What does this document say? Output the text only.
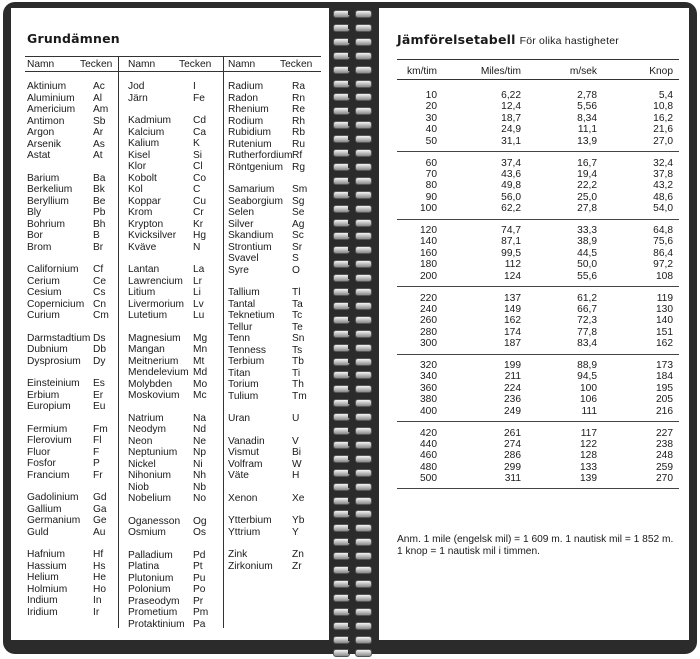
Grundämnen
Namn	Tecken Namn Tecken Namn Tecken
Aktinium	Ac
Aluminium Al
Americium Am
Antimon	Sb
Argon	Ar
Arsenik	As
Astat	At
Barium	Ba
Berkelium Bk
Beryllium Be
Bly	Pb
Bohrium	Bh
Bor	B
Brom	Br
Californium Cf
Cerium	Ce
Cesium	Cs
Copernicium Cn
Curium	Cm
Darmstadtium Ds
Dubnium Db
Dysprosium Dy
Einsteinium Es
Erbium	Er
Europium Eu
Fermium	Fm
Flerovium Fl
Fluor	F
Fosfor	P
Francium Fr
Gadolinium Gd
Gallium	Ga
Germanium Ge
Guld	Au
Hafnium	Hf
Hassium	Hs
Helium	He
Holmium	Ho
Indium	In
Iridium	Ir
Jod	I
Järn	Fe
Kadmium Cd
Kalcium	Ca
Kalium	K
Kisel	Si
Klor	Cl
Kobolt	Co
Kol	C
Koppar	Cu
Krom	Cr
Krypton	Kr
Kvicksilver Hg
Kväve	N
Lantan	La
Lawrencium Lr
Litium	Li
Livermorium Lv
Lutetium	Lu
Magnesium Mg
Mangan	Mn
Meitnerium Mt
Mendelevium Md
Molybden Mo
Moskovium Mc
Natrium	Na
Neodym	Nd
Neon	Ne
Neptunium Np
Nickel	Ni
Nihonium Nh
Niob	Nb
Nobelium No
Oganesson Og
Osmium	Os
Palladium Pd
Platina	Pt
Plutonium Pu
Polonium Po
Praseodym Pr
Prometium Pm
Protaktinium Pa
Radium	Ra
Radon	Rn
Rhenium Re
Rodium	Rh
Rubidium Rb
Rutenium Ru
Rutherfordium Rf
Röntgenium Rg
Samarium Sm
Seaborgium Sg
Selen	Se
Silver	Ag
Skandium Sc
Strontium Sr
Svavel	S
Syre	O
Tallium	Tl
Tantal	Ta
Teknetium Tc
Tellur	Te
Tenn	Sn
Tenness	Ts
Terbium	Tb
Titan	Ti
Torium	Th
Tulium	Tm
Uran	U
Vanadin	V
Vismut	Bi
Volfram	W
Väte	H
Xenon	Xe
Ytterbium Yb
Yttrium	Y
Zink	Zn
Zirkonium Zr
Jämförelsetabell För olika hastigheter
km/tim	Miles/tim	m/sek	Knop
10	6,22	2,78	5,4
20	12,4	5,56	10,8
30	18,7	8,34	16,2
40	24,9	11,1	21,6
50	31,1	13,9	27,0
60	37,4	16,7	32,4
70	43,6	19,4	37,8
80	49,8	22,2	43,2
90	56,0	25,0	48,6
100	62,2	27,8	54,0
120	74,7	33,3	64,8
140	87,1	38,9	75,6
160	99,5	44,5	86,4
180	112	50,0	97,2
200	124	55,6	108
220	137	61,2	119
240	149	66,7	130
260	162	72,3	140
280	174	77,8	151
300	187	83,4	162
320	199	88,9	173
340	211	94,5	184
360	224	100	195
380	236	106	205
400	249	111	216
420	261	117	227
440	274	122	238
460	286	128	248
480	299	133	259
500	311	139	270
Anm. 1 mile (engelsk mil) = 1 609 m. 1 nautisk mil = 1 852 m.
1 knop = 1 nautisk mil i timmen.
